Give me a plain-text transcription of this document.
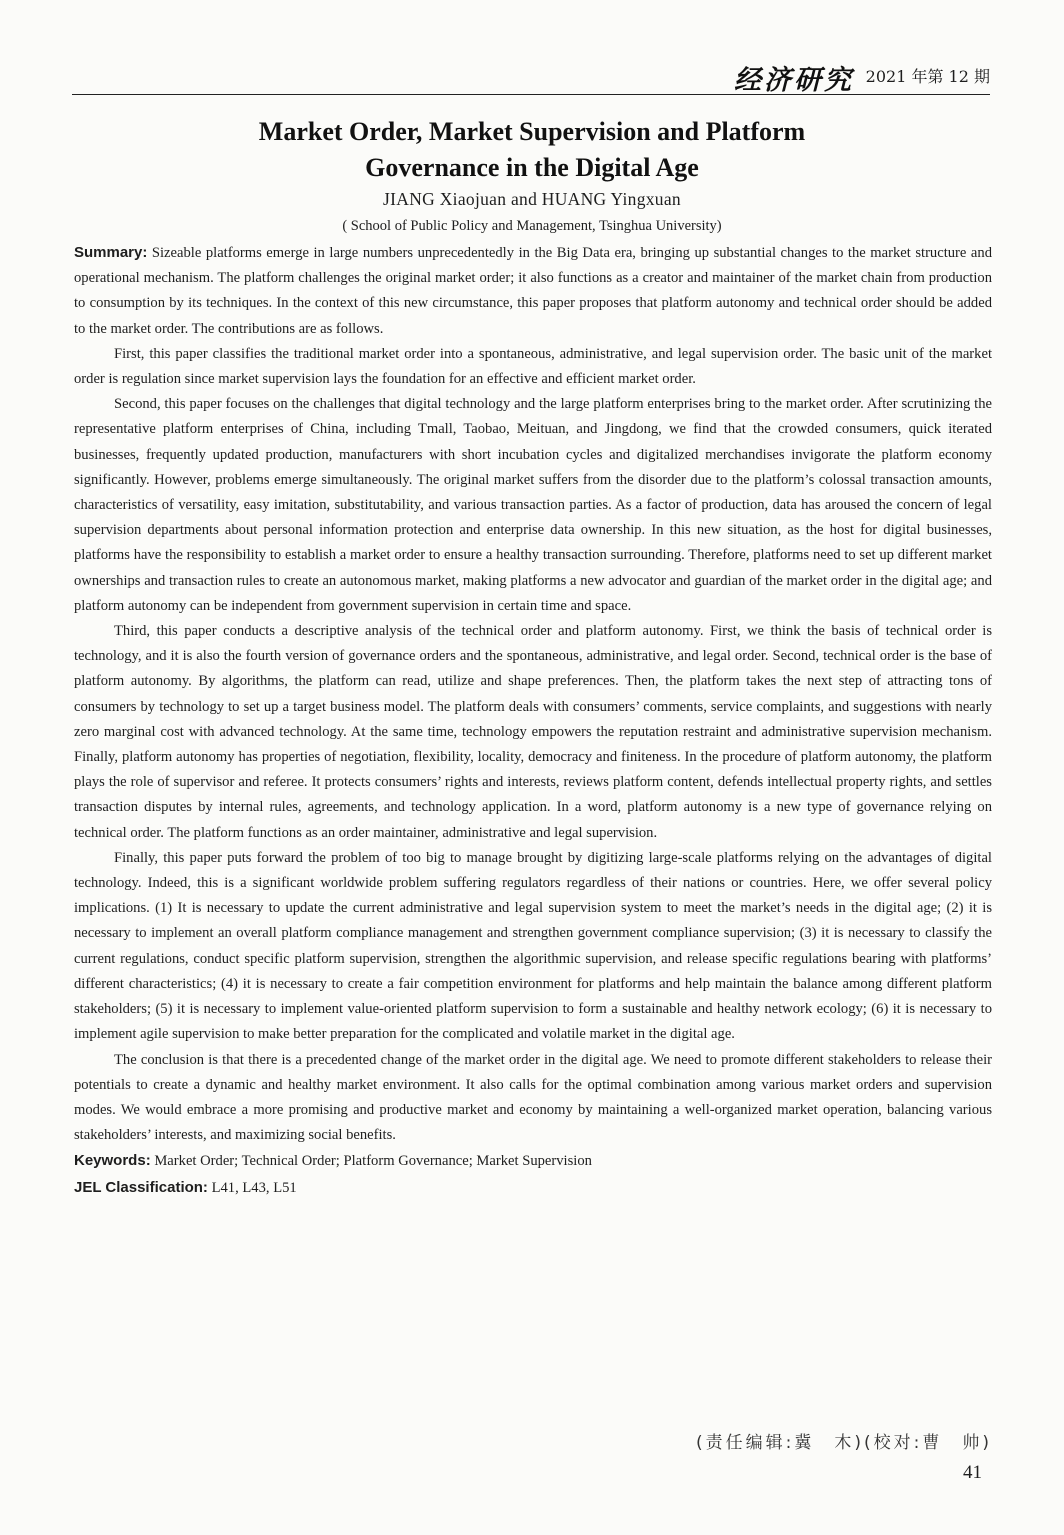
经济研究 2021 年第 12 期
Market Order, Market Supervision and Platform
Governance in the Digital Age
JIANG Xiaojuan and HUANG Yingxuan
( School of Public Policy and Management, Tsinghua University)

Summary: Sizeable platforms emerge in large numbers unprecedentedly in the Big Data era, bringing up substantial changes to the market structure and operational mechanism. The platform challenges the original market order; it also functions as a creator and maintainer of the market chain from production to consumption by its techniques. In the context of this new circumstance, this paper proposes that platform autonomy and technical order should be added to the market order. The contributions are as follows.

First, this paper classifies the traditional market order into a spontaneous, administrative, and legal supervision order. The basic unit of the market order is regulation since market supervision lays the foundation for an effective and efficient market order.

Second, this paper focuses on the challenges that digital technology and the large platform enterprises bring to the market order. After scrutinizing the representative platform enterprises of China, including Tmall, Taobao, Meituan, and Jingdong, we find that the crowded consumers, quick iterated businesses, frequently updated production, manufacturers with short incubation cycles and digitalized merchandises invigorate the platform economy significantly. However, problems emerge simultaneously. The original market suffers from the disorder due to the platform’s colossal transaction amounts, characteristics of versatility, easy imitation, substitutability, and various transaction parties. As a factor of production, data has aroused the concern of legal supervision departments about personal information protection and enterprise data ownership. In this new situation, as the host for digital businesses, platforms have the responsibility to establish a market order to ensure a healthy transaction surrounding. Therefore, platforms need to set up different market ownerships and transaction rules to create an autonomous market, making platforms a new advocator and guardian of the market order in the digital age; and platform autonomy can be independent from government supervision in certain time and space.

Third, this paper conducts a descriptive analysis of the technical order and platform autonomy. First, we think the basis of technical order is technology, and it is also the fourth version of governance orders and the spontaneous, administrative, and legal order. Second, technical order is the base of platform autonomy. By algorithms, the platform can read, utilize and shape preferences. Then, the platform takes the next step of attracting tons of consumers by technology to set up a target business model. The platform deals with consumers’ comments, service complaints, and suggestions with nearly zero marginal cost with advanced technology. At the same time, technology empowers the reputation restraint and administrative supervision mechanism. Finally, platform autonomy has properties of negotiation, flexibility, locality, democracy and finiteness. In the procedure of platform autonomy, the platform plays the role of supervisor and referee. It protects consumers’ rights and interests, reviews platform content, defends intellectual property rights, and settles transaction disputes by internal rules, agreements, and technology application. In a word, platform autonomy is a new type of governance relying on technical order. The platform functions as an order maintainer, administrative and legal supervision.

Finally, this paper puts forward the problem of too big to manage brought by digitizing large-scale platforms relying on the advantages of digital technology. Indeed, this is a significant worldwide problem suffering regulators regardless of their nations or countries. Here, we offer several policy implications. (1) It is necessary to update the current administrative and legal supervision system to meet the market’s needs in the digital age; (2) it is necessary to implement an overall platform compliance management and strengthen government compliance supervision; (3) it is necessary to classify the current regulations, conduct specific platform supervision, strengthen the algorithmic supervision, and release specific regulations bearing with platforms’ different characteristics; (4) it is necessary to create a fair competition environment for platforms and help maintain the balance among different platform stakeholders; (5) it is necessary to implement value-oriented platform supervision to form a sustainable and healthy network ecology; (6) it is necessary to implement agile supervision to make better preparation for the complicated and volatile market in the digital age.

The conclusion is that there is a precedented change of the market order in the digital age. We need to promote different stakeholders to release their potentials to create a dynamic and healthy market environment. It also calls for the optimal combination among various market orders and supervision modes. We would embrace a more promising and productive market and economy by maintaining a well-organized market operation, balancing various stakeholders’ interests, and maximizing social benefits.

Keywords: Market Order; Technical Order; Platform Governance; Market Supervision

JEL Classification: L41, L43, L51

(责任编辑:冀　木)(校对:曹　帅)
41
